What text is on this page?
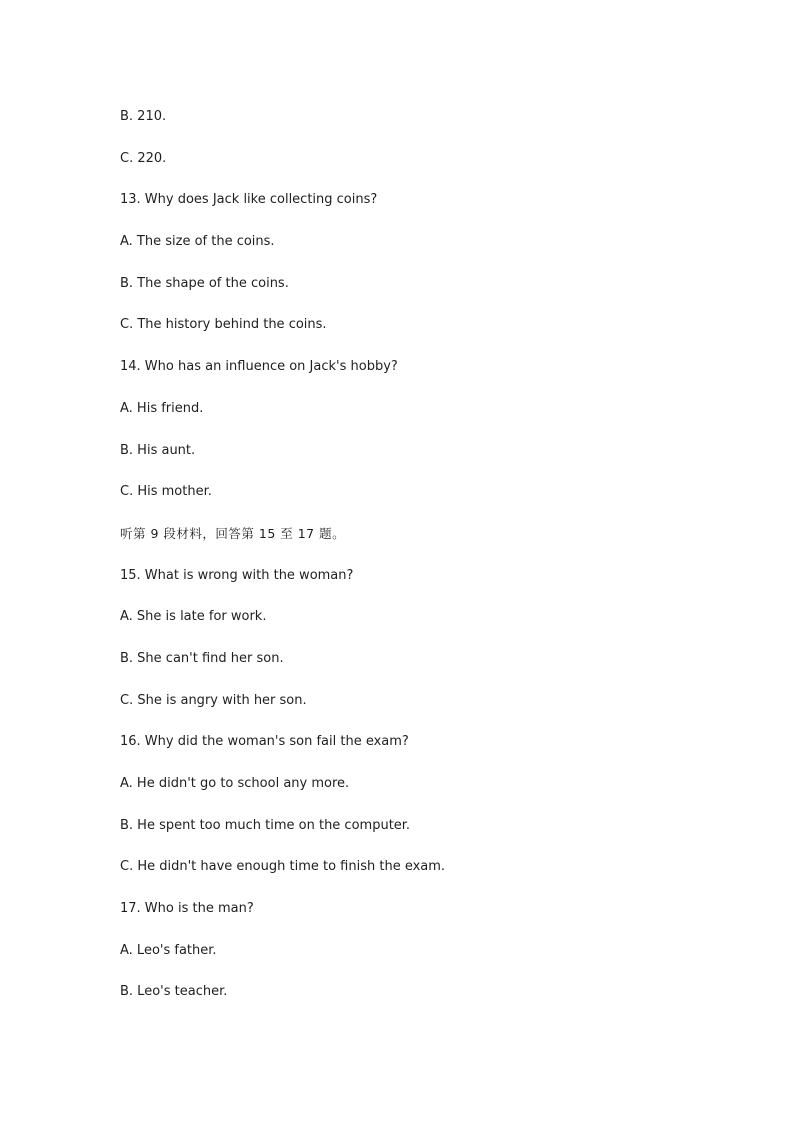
B. 210.
C. 220.
13. Why does Jack like collecting coins?
A. The size of the coins.
B. The shape of the coins.
C. The history behind the coins.
14. Who has an influence on Jack's hobby?
A. His friend.
B. His aunt.
C. His mother.
听第 9 段材料，回答第 15 至 17 题。
15. What is wrong with the woman?
A. She is late for work.
B. She can't find her son.
C. She is angry with her son.
16. Why did the woman's son fail the exam?
A. He didn't go to school any more.
B. He spent too much time on the computer.
C. He didn't have enough time to finish the exam.
17. Who is the man?
A. Leo's father.
B. Leo's teacher.
